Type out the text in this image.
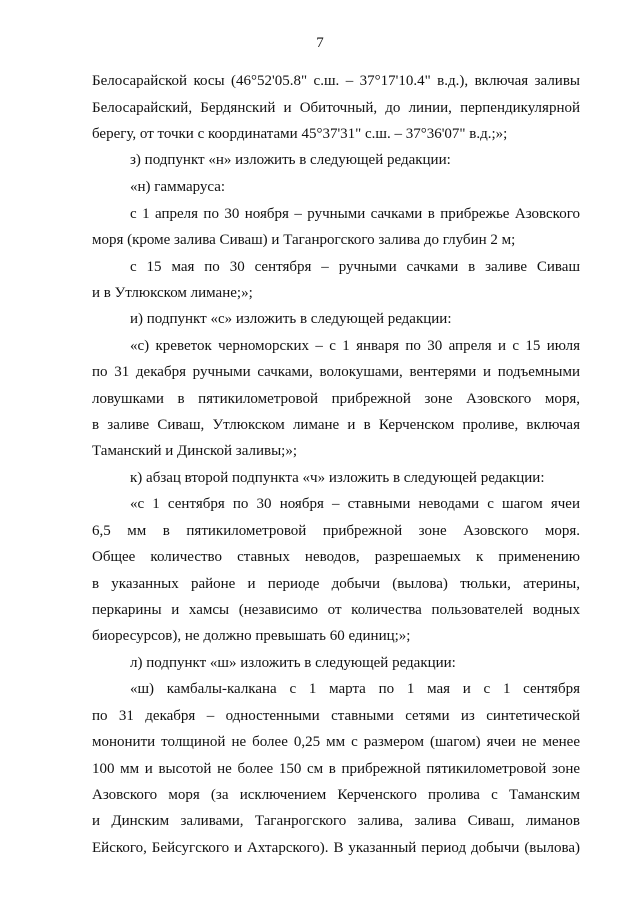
7
Белосарайской косы (46°52'05.8" с.ш. – 37°17'10.4" в.д.), включая заливы
Белосарайский, Бердянский и Обиточный, до линии, перпендикулярной
берегу, от точки с координатами 45°37'31" с.ш. – 37°36'07" в.д.;»;
з) подпункт «н» изложить в следующей редакции:
«н) гаммаруса:
с 1 апреля по 30 ноября – ручными сачками в прибрежье Азовского
моря (кроме залива Сиваш) и Таганрогского залива до глубин 2 м;
с 15 мая по 30 сентября – ручными сачками в заливе Сиваш
и в Утлюкском лимане;»;
и) подпункт «с» изложить в следующей редакции:
«с) креветок черноморских – с 1 января по 30 апреля и с 15 июля
по 31 декабря ручными сачками, волокушами, вентерями и подъемными
ловушками в пятикилометровой прибрежной зоне Азовского моря,
в заливе Сиваш, Утлюкском лимане и в Керченском проливе, включая
Таманский и Динской заливы;»;
к) абзац второй подпункта «ч» изложить в следующей редакции:
«с 1 сентября по 30 ноября – ставными неводами с шагом ячеи
6,5 мм в пятикилометровой прибрежной зоне Азовского моря.
Общее количество ставных неводов, разрешаемых к применению
в указанных районе и периоде добычи (вылова) тюльки, атерины,
перкарины и хамсы (независимо от количества пользователей водных
биоресурсов), не должно превышать 60 единиц;»;
л) подпункт «ш» изложить в следующей редакции:
«ш) камбалы-калкана с 1 марта по 1 мая и с 1 сентября
по 31 декабря – одностенными ставными сетями из синтетической
мононити толщиной не более 0,25 мм с размером (шагом) ячеи не менее
100 мм и высотой не более 150 см в прибрежной пятикилометровой зоне
Азовского моря (за исключением Керченского пролива с Таманским
и Динским заливами, Таганрогского залива, залива Сиваш, лиманов
Ейского, Бейсугского и Ахтарского). В указанный период добычи (вылова)
